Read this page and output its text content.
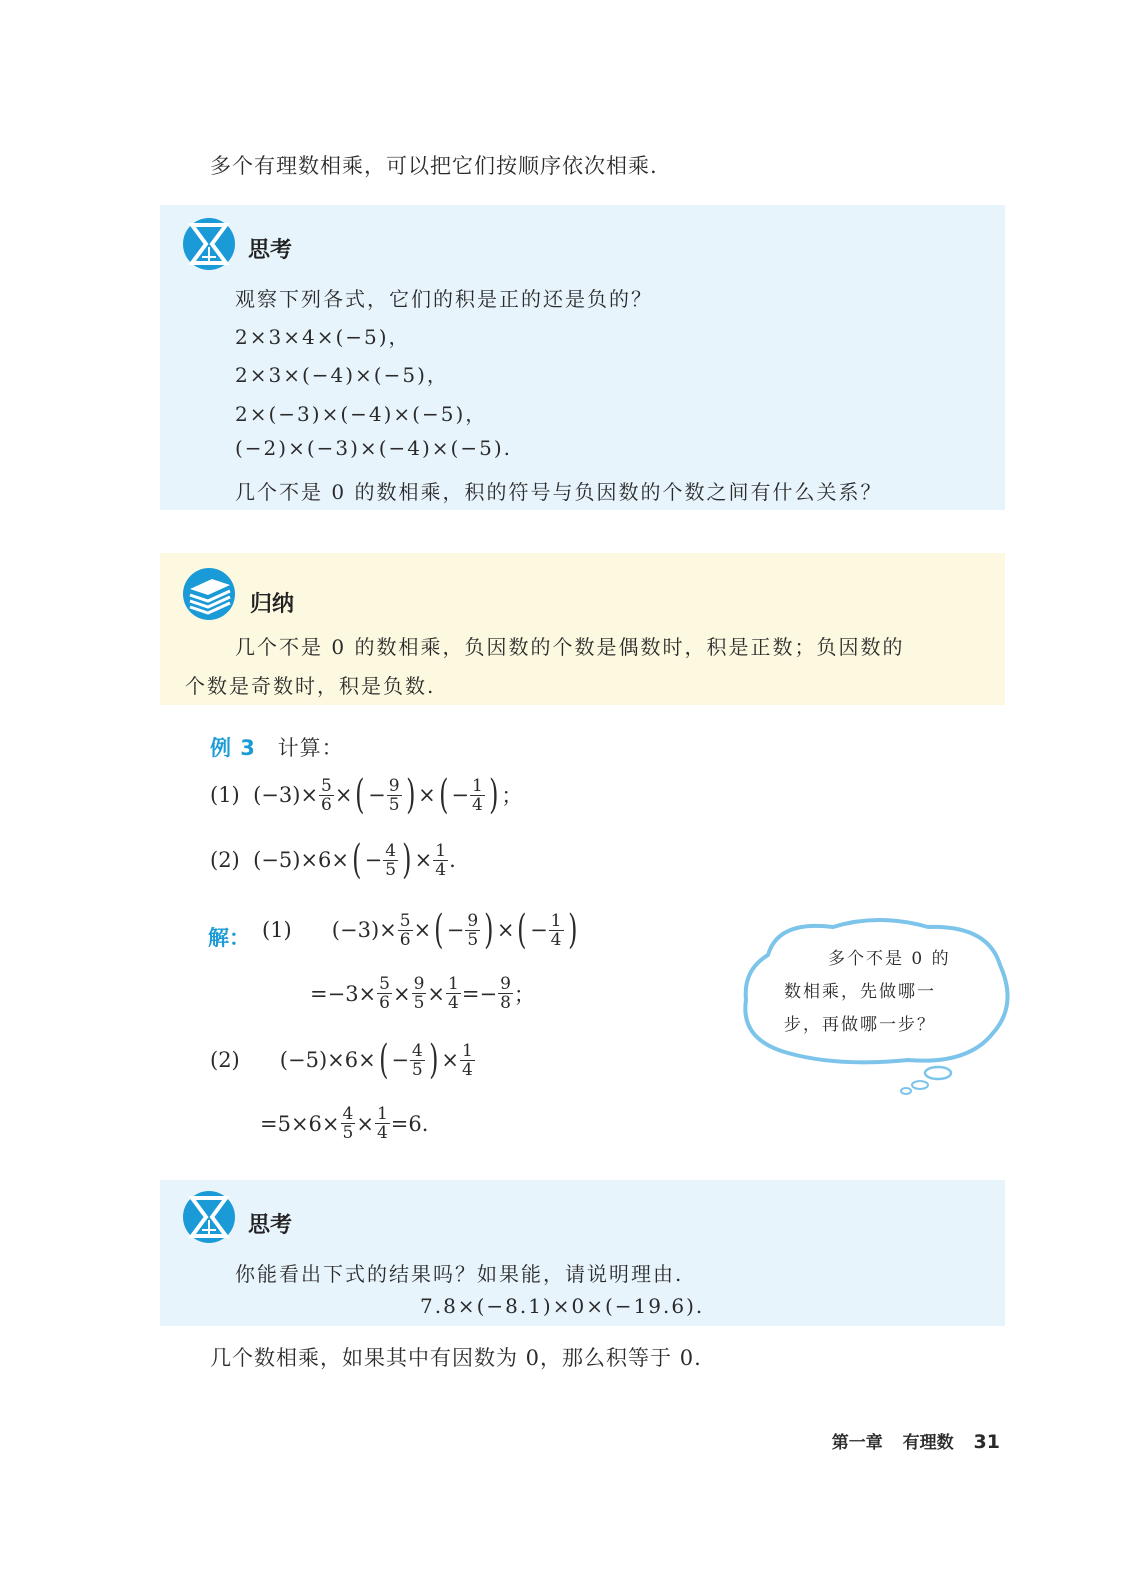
多个有理数相乘，可以把它们按顺序依次相乘.
思考
观察下列各式，它们的积是正的还是负的？
2×3×4×(−5)，
2×3×(−4)×(−5)，
2×(−3)×(−4)×(−5)，
(−2)×(−3)×(−4)×(−5).
几个不是 0 的数相乘，积的符号与负因数的个数之间有什么关系？
归纳
几个不是 0 的数相乘，负因数的个数是偶数时，积是正数；负因数的
个数是奇数时，积是负数.
例 3 计算：
(1)  $(-3)\times \frac{5}{6}$ × ( − $\frac{9}{5}$ ) × ( − $\frac{1}{4}$ ) ；
(2)  (−5)×6× ( − $\frac{4}{5}$ ) × $\frac{1}{4}$ .
解： (1)      $(-3)\times \frac{5}{6}$ × ( − $\frac{9}{5}$ ) × ( − $\frac{1}{4}$ )
$=-3\times \frac{5}{6} \times \frac{9}{5} \times \frac{1}{4} =- \frac{9}{8}$ ；
(2)      (−5)×6× ( − $\frac{4}{5}$ ) × $\frac{1}{4}$
$=5\times 6\times \frac{4}{5} \times \frac{1}{4} =6$.
多个不是 0 的
数相乘，先做哪一
步，再做哪一步？
思考
你能看出下式的结果吗？如果能，请说明理由.
7.8×(−8.1)×0×(−19.6).
几个数相乘，如果其中有因数为 0，那么积等于 0.
第一章 有理数 31
